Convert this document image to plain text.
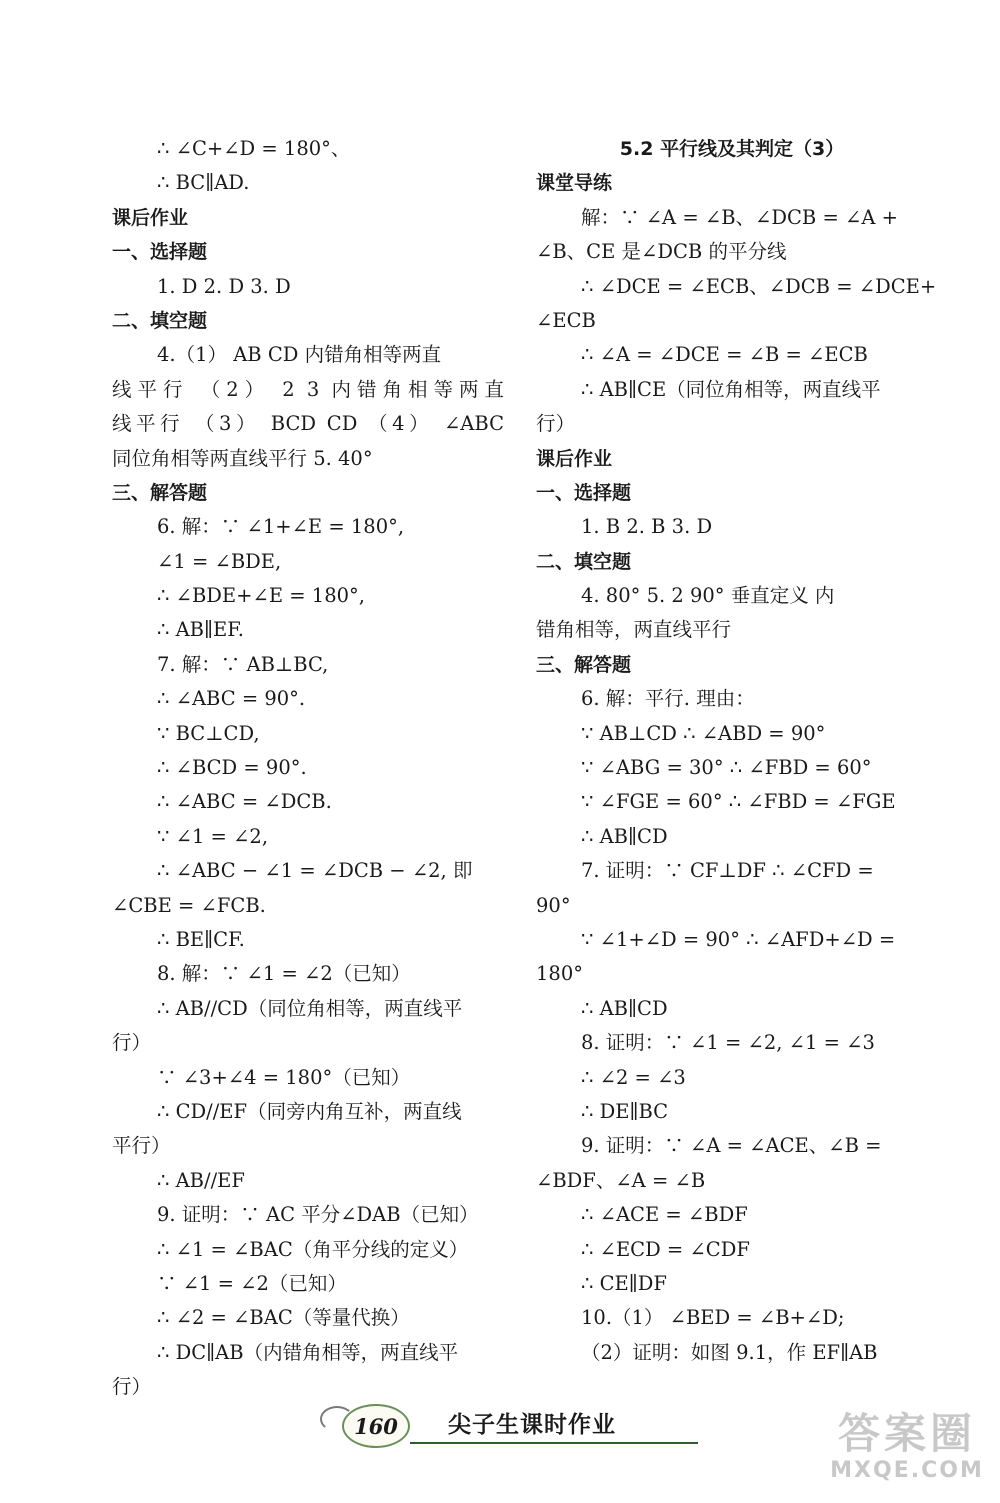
∴ ∠C+∠D = 180°、
∴ BC∥AD.
课后作业
一、选择题
1. D 2. D 3. D
二、填空题
4.（1） AB CD 内错角相等两直
线平行 （2） 2 3 内错角相等两直
线平行 （3） BCD CD （4） ∠ABC
同位角相等两直线平行 5. 40°
三、解答题
6. 解：∵ ∠1+∠E = 180°,
∠1 = ∠BDE,
∴ ∠BDE+∠E = 180°,
∴ AB∥EF.
7. 解：∵ AB⊥BC,
∴ ∠ABC = 90°.
∵ BC⊥CD,
∴ ∠BCD = 90°.
∴ ∠ABC = ∠DCB.
∵ ∠1 = ∠2,
∴ ∠ABC − ∠1 = ∠DCB − ∠2, 即
∠CBE = ∠FCB.
∴ BE∥CF.
8. 解：∵ ∠1 = ∠2（已知）
∴ AB//CD（同位角相等，两直线平
行）
∵ ∠3+∠4 = 180°（已知）
∴ CD//EF（同旁内角互补，两直线
平行）
∴ AB//EF
9. 证明：∵ AC 平分∠DAB（已知）
∴ ∠1 = ∠BAC（角平分线的定义）
∵ ∠1 = ∠2（已知）
∴ ∠2 = ∠BAC（等量代换）
∴ DC∥AB（内错角相等，两直线平
行）
5.2 平行线及其判定（3）
课堂导练
解：∵ ∠A = ∠B、∠DCB = ∠A +
∠B、CE 是∠DCB 的平分线
∴ ∠DCE = ∠ECB、∠DCB = ∠DCE+
∠ECB
∴ ∠A = ∠DCE = ∠B = ∠ECB
∴ AB∥CE（同位角相等，两直线平
行）
课后作业
一、选择题
1. B 2. B 3. D
二、填空题
4. 80° 5. 2 90° 垂直定义 内
错角相等，两直线平行
三、解答题
6. 解：平行. 理由：
∵ AB⊥CD ∴ ∠ABD = 90°
∵ ∠ABG = 30° ∴ ∠FBD = 60°
∵ ∠FGE = 60° ∴ ∠FBD = ∠FGE
∴ AB∥CD
7. 证明：∵ CF⊥DF ∴ ∠CFD =
90°
∵ ∠1+∠D = 90° ∴ ∠AFD+∠D =
180°
∴ AB∥CD
8. 证明：∵ ∠1 = ∠2, ∠1 = ∠3
∴ ∠2 = ∠3
∴ DE∥BC
9. 证明：∵ ∠A = ∠ACE、∠B =
∠BDF、∠A = ∠B
∴ ∠ACE = ∠BDF
∴ ∠ECD = ∠CDF
∴ CE∥DF
10.（1） ∠BED = ∠B+∠D;
（2）证明：如图 9.1，作 EF∥AB
160	尖子生课时作业	答案圈
MXQE.COM
